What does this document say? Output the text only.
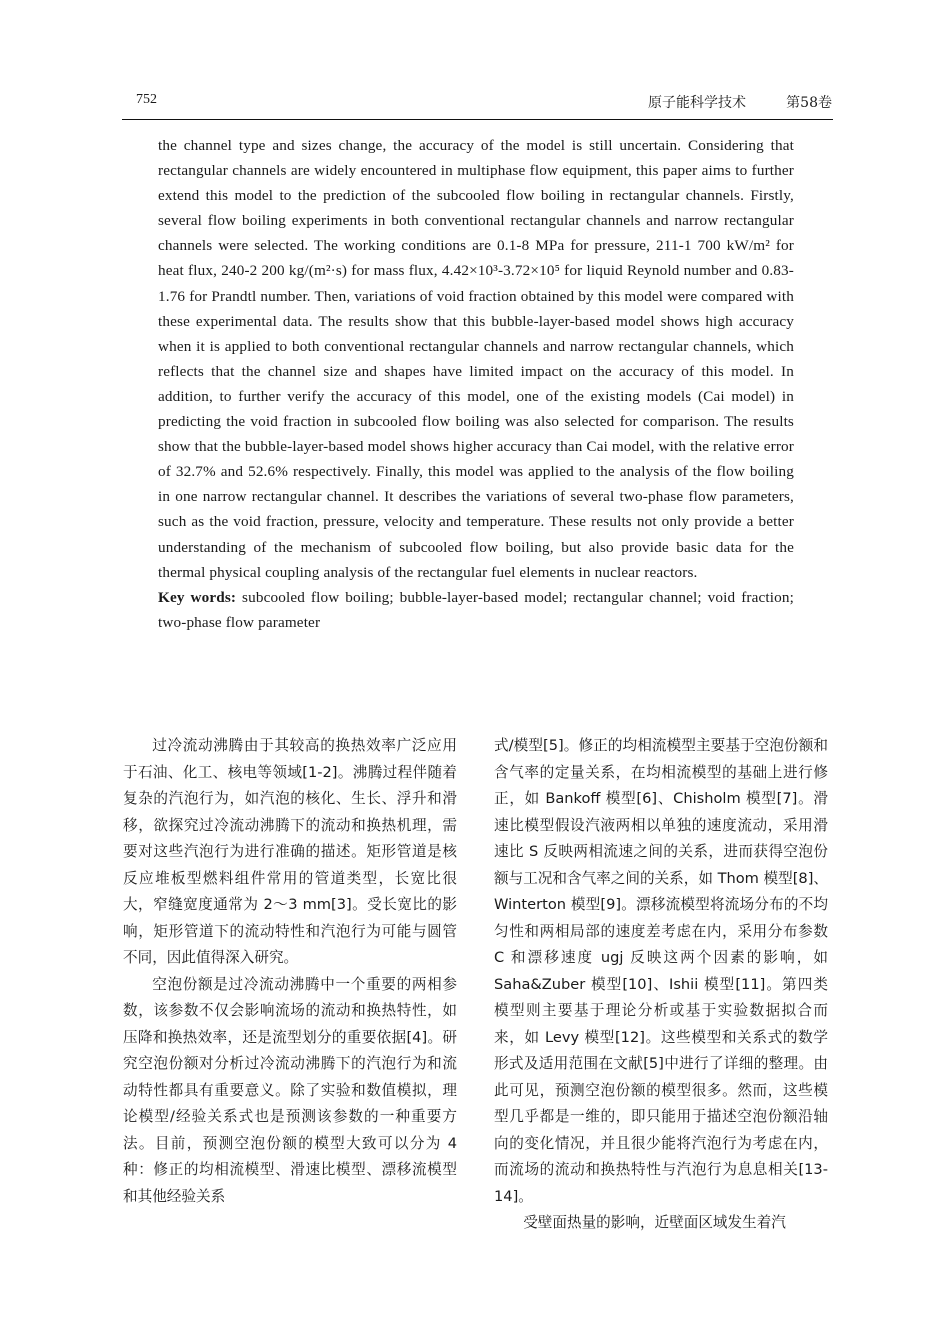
752	原子能科学技术	第58卷

the channel type and sizes change, the accuracy of the model is still uncertain. Considering that rectangular channels are widely encountered in multiphase flow equipment, this paper aims to further extend this model to the prediction of the subcooled flow boiling in rectangular channels. Firstly, several flow boiling experiments in both conventional rectangular channels and narrow rectangular channels were selected. The working conditions are 0.1-8 MPa for pressure, 211-1 700 kW/m² for heat flux, 240-2 200 kg/(m²·s) for mass flux, 4.42×10³-3.72×10⁵ for liquid Reynold number and 0.83-1.76 for Prandtl number. Then, variations of void fraction obtained by this model were compared with these experimental data. The results show that this bubble-layer-based model shows high accuracy when it is applied to both conventional rectangular channels and narrow rectangular channels, which reflects that the channel size and shapes have limited impact on the accuracy of this model. In addition, to further verify the accuracy of this model, one of the existing models (Cai model) in predicting the void fraction in subcooled flow boiling was also selected for comparison. The results show that the bubble-layer-based model shows higher accuracy than Cai model, with the relative error of 32.7% and 52.6% respectively. Finally, this model was applied to the analysis of the flow boiling in one narrow rectangular channel. It describes the variations of several two-phase flow parameters, such as the void fraction, pressure, velocity and temperature. These results not only provide a better understanding of the mechanism of subcooled flow boiling, but also provide basic data for the thermal physical coupling analysis of the rectangular fuel elements in nuclear reactors.

Key words: subcooled flow boiling; bubble-layer-based model; rectangular channel; void fraction; two-phase flow parameter

过冷流动沸腾由于其较高的换热效率广泛应用于石油、化工、核电等领域[1-2]。沸腾过程伴随着复杂的汽泡行为，如汽泡的核化、生长、浮升和滑移，欲探究过冷流动沸腾下的流动和换热机理，需要对这些汽泡行为进行准确的描述。矩形管道是核反应堆板型燃料组件常用的管道类型，长宽比很大，窄缝宽度通常为 2～3 mm[3]。受长宽比的影响，矩形管道下的流动特性和汽泡行为可能与圆管不同，因此值得深入研究。

空泡份额是过冷流动沸腾中一个重要的两相参数，该参数不仅会影响流场的流动和换热特性，如压降和换热效率，还是流型划分的重要依据[4]。研究空泡份额对分析过冷流动沸腾下的汽泡行为和流动特性都具有重要意义。除了实验和数值模拟，理论模型/经验关系式也是预测该参数的一种重要方法。目前，预测空泡份额的模型大致可以分为 4 种：修正的均相流模型、滑速比模型、漂移流模型和其他经验关系

式/模型[5]。修正的均相流模型主要基于空泡份额和含气率的定量关系，在均相流模型的基础上进行修正，如 Bankoff 模型[6]、Chisholm 模型[7]。滑速比模型假设汽液两相以单独的速度流动，采用滑速比 S 反映两相流速之间的关系，进而获得空泡份额与工况和含气率之间的关系，如 Thom 模型[8]、Winterton 模型[9]。漂移流模型将流场分布的不均匀性和两相局部的速度差考虑在内，采用分布参数 C 和漂移速度 ugj 反映这两个因素的影响，如 Saha&Zuber 模型[10]、Ishii 模型[11]。第四类模型则主要基于理论分析或基于实验数据拟合而来，如 Levy 模型[12]。这些模型和关系式的数学形式及适用范围在文献[5]中进行了详细的整理。由此可见，预测空泡份额的模型很多。然而，这些模型几乎都是一维的，即只能用于描述空泡份额沿轴向的变化情况，并且很少能将汽泡行为考虑在内，而流场的流动和换热特性与汽泡行为息息相关[13-14]。

受壁面热量的影响，近壁面区域发生着汽
